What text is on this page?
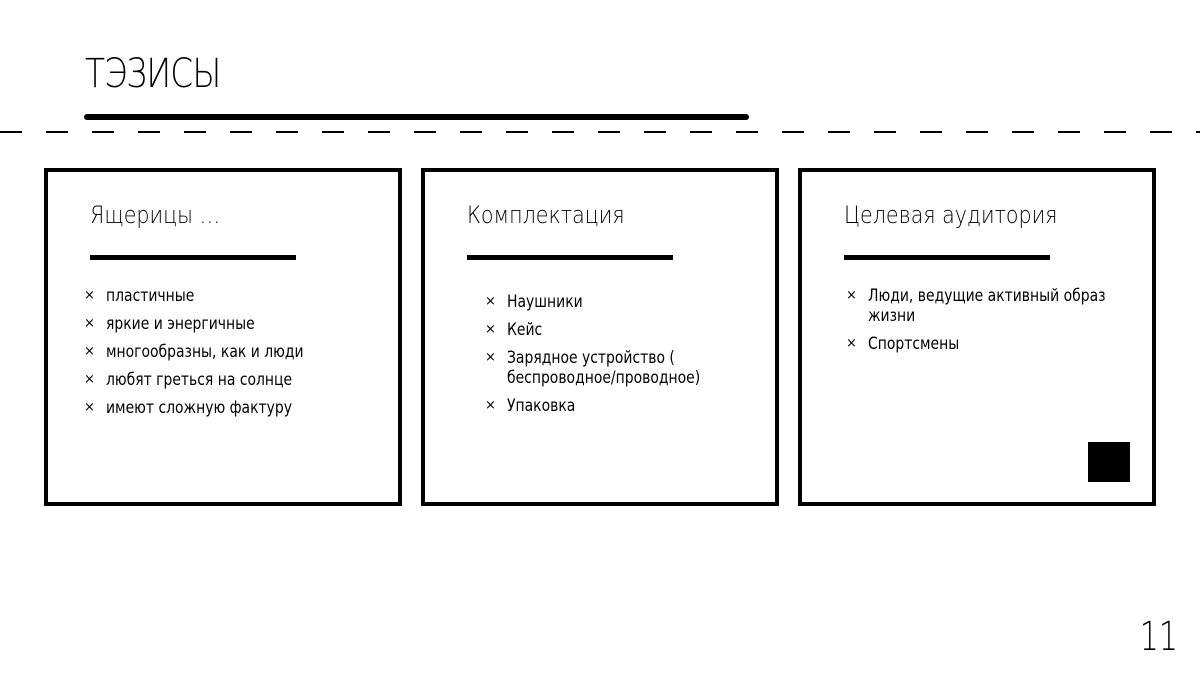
ТЭЗИСЫ
Ящерицы …
× пластичные
× яркие и энергичные
× многообразны, как и люди
× любят греться на солнце
× имеют сложную фактуру
Комплектация
× Наушники
× Кейс
× Зарядное устройство ( беспроводное/проводное)
× Упаковка
Целевая аудитория
× Люди, ведущие активный образ жизни
× Спортсмены
11
